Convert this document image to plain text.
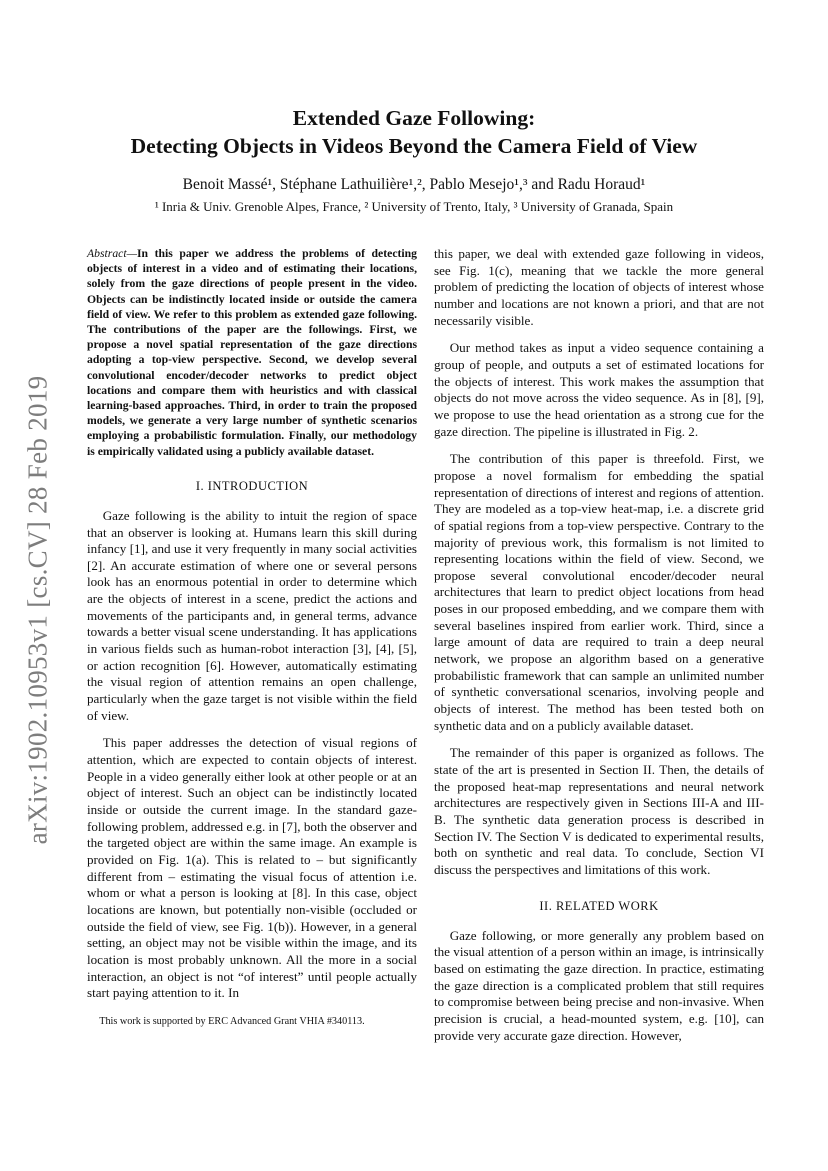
arXiv:1902.10953v1 [cs.CV] 28 Feb 2019
Extended Gaze Following:
Detecting Objects in Videos Beyond the Camera Field of View
Benoit Massé¹, Stéphane Lathuilière¹,², Pablo Mesejo¹,³ and Radu Horaud¹
¹ Inria & Univ. Grenoble Alpes, France, ² University of Trento, Italy, ³ University of Granada, Spain

Abstract—In this paper we address the problems of detecting objects of interest in a video and of estimating their locations, solely from the gaze directions of people present in the video. Objects can be indistinctly located inside or outside the camera field of view. We refer to this problem as extended gaze following. The contributions of the paper are the followings. First, we propose a novel spatial representation of the gaze directions adopting a top-view perspective. Second, we develop several convolutional encoder/decoder networks to predict object locations and compare them with heuristics and with classical learning-based approaches. Third, in order to train the proposed models, we generate a very large number of synthetic scenarios employing a probabilistic formulation. Finally, our methodology is empirically validated using a publicly available dataset.

I. INTRODUCTION

Gaze following is the ability to intuit the region of space that an observer is looking at. Humans learn this skill during infancy [1], and use it very frequently in many social activities [2]. An accurate estimation of where one or several persons look has an enormous potential in order to determine which are the objects of interest in a scene, predict the actions and movements of the participants and, in general terms, advance towards a better visual scene understanding. It has applications in various fields such as human-robot interaction [3], [4], [5], or action recognition [6]. However, automatically estimating the visual region of attention remains an open challenge, particularly when the gaze target is not visible within the field of view.

This paper addresses the detection of visual regions of attention, which are expected to contain objects of interest. People in a video generally either look at other people or at an object of interest. Such an object can be indistinctly located inside or outside the current image. In the standard gaze-following problem, addressed e.g. in [7], both the observer and the targeted object are within the same image. An example is provided on Fig. 1(a). This is related to – but significantly different from – estimating the visual focus of attention i.e. whom or what a person is looking at [8]. In this case, object locations are known, but potentially non-visible (occluded or outside the field of view, see Fig. 1(b)). However, in a general setting, an object may not be visible within the image, and its location is most probably unknown. All the more in a social interaction, an object is not “of interest” until people actually start paying attention to it. In

this paper, we deal with extended gaze following in videos, see Fig. 1(c), meaning that we tackle the more general problem of predicting the location of objects of interest whose number and locations are not known a priori, and that are not necessarily visible.

Our method takes as input a video sequence containing a group of people, and outputs a set of estimated locations for the objects of interest. This work makes the assumption that objects do not move across the video sequence. As in [8], [9], we propose to use the head orientation as a strong cue for the gaze direction. The pipeline is illustrated in Fig. 2.

The contribution of this paper is threefold. First, we propose a novel formalism for embedding the spatial representation of directions of interest and regions of attention. They are modeled as a top-view heat-map, i.e. a discrete grid of spatial regions from a top-view perspective. Contrary to the majority of previous work, this formalism is not limited to representing locations within the field of view. Second, we propose several convolutional encoder/decoder neural architectures that learn to predict object locations from head poses in our proposed embedding, and we compare them with several baselines inspired from earlier work. Third, since a large amount of data are required to train a deep neural network, we propose an algorithm based on a generative probabilistic framework that can sample an unlimited number of synthetic conversational scenarios, involving people and objects of interest. The method has been tested both on synthetic data and on a publicly available dataset.

The remainder of this paper is organized as follows. The state of the art is presented in Section II. Then, the details of the proposed heat-map representations and neural network architectures are respectively given in Sections III-A and III-B. The synthetic data generation process is described in Section IV. The Section V is dedicated to experimental results, both on synthetic and real data. To conclude, Section VI discuss the perspectives and limitations of this work.

II. RELATED WORK

Gaze following, or more generally any problem based on the visual attention of a person within an image, is intrinsically based on estimating the gaze direction. In practice, estimating the gaze direction is a complicated problem that still requires to compromise between being precise and non-invasive. When precision is crucial, a head-mounted system, e.g. [10], can provide very accurate gaze direction. However,

This work is supported by ERC Advanced Grant VHIA #340113.
